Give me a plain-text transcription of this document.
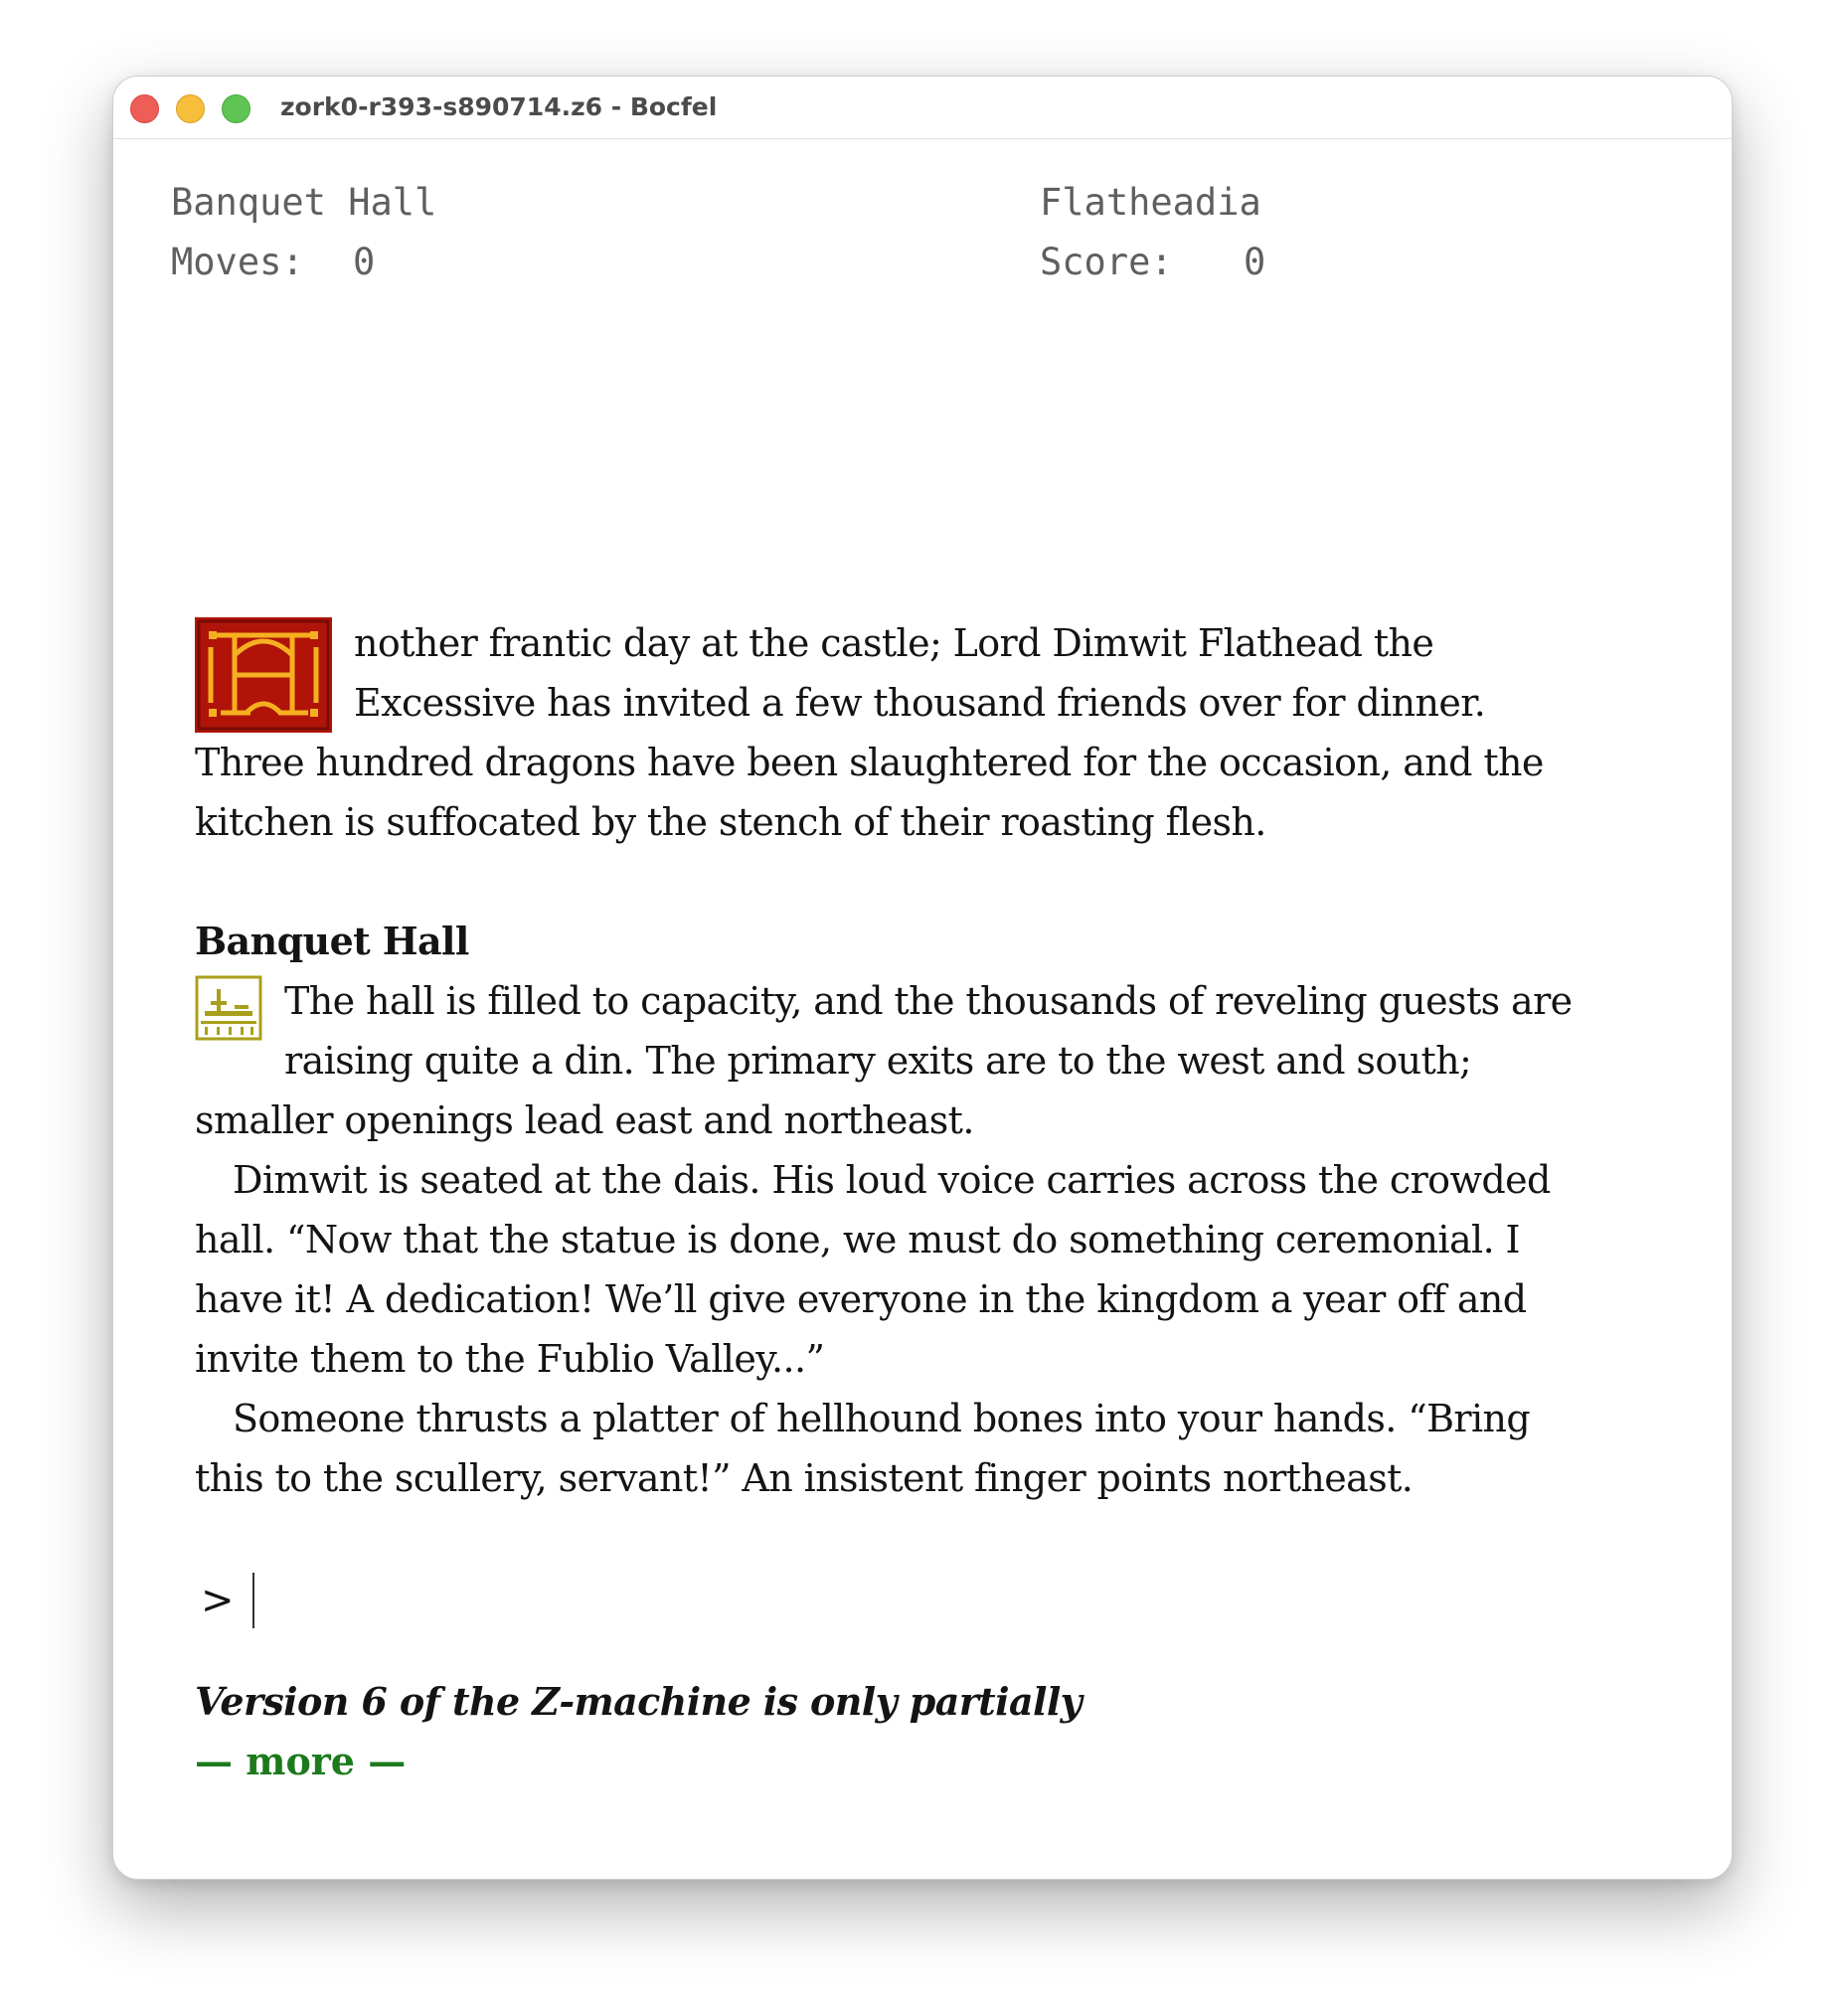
zork0-r393-s890714.z6 - Bocfel
Banquet Hall	Flatheadia
Moves: 0	Score: 0
nother frantic day at the castle; Lord Dimwit Flathead the
Excessive has invited a few thousand friends over for dinner.
Three hundred dragons have been slaughtered for the occasion, and the
kitchen is suffocated by the stench of their roasting flesh.
Banquet Hall
The hall is filled to capacity, and the thousands of reveling guests are
raising quite a din. The primary exits are to the west and south;
smaller openings lead east and northeast.
Dimwit is seated at the dais. His loud voice carries across the crowded
hall. “Now that the statue is done, we must do something ceremonial. I
have it! A dedication! We’ll give everyone in the kingdom a year off and
invite them to the Fublio Valley...”
Someone thrusts a platter of hellhound bones into your hands. “Bring
this to the scullery, servant!” An insistent finger points northeast.
>
Version 6 of the Z-machine is only partially
— more —
